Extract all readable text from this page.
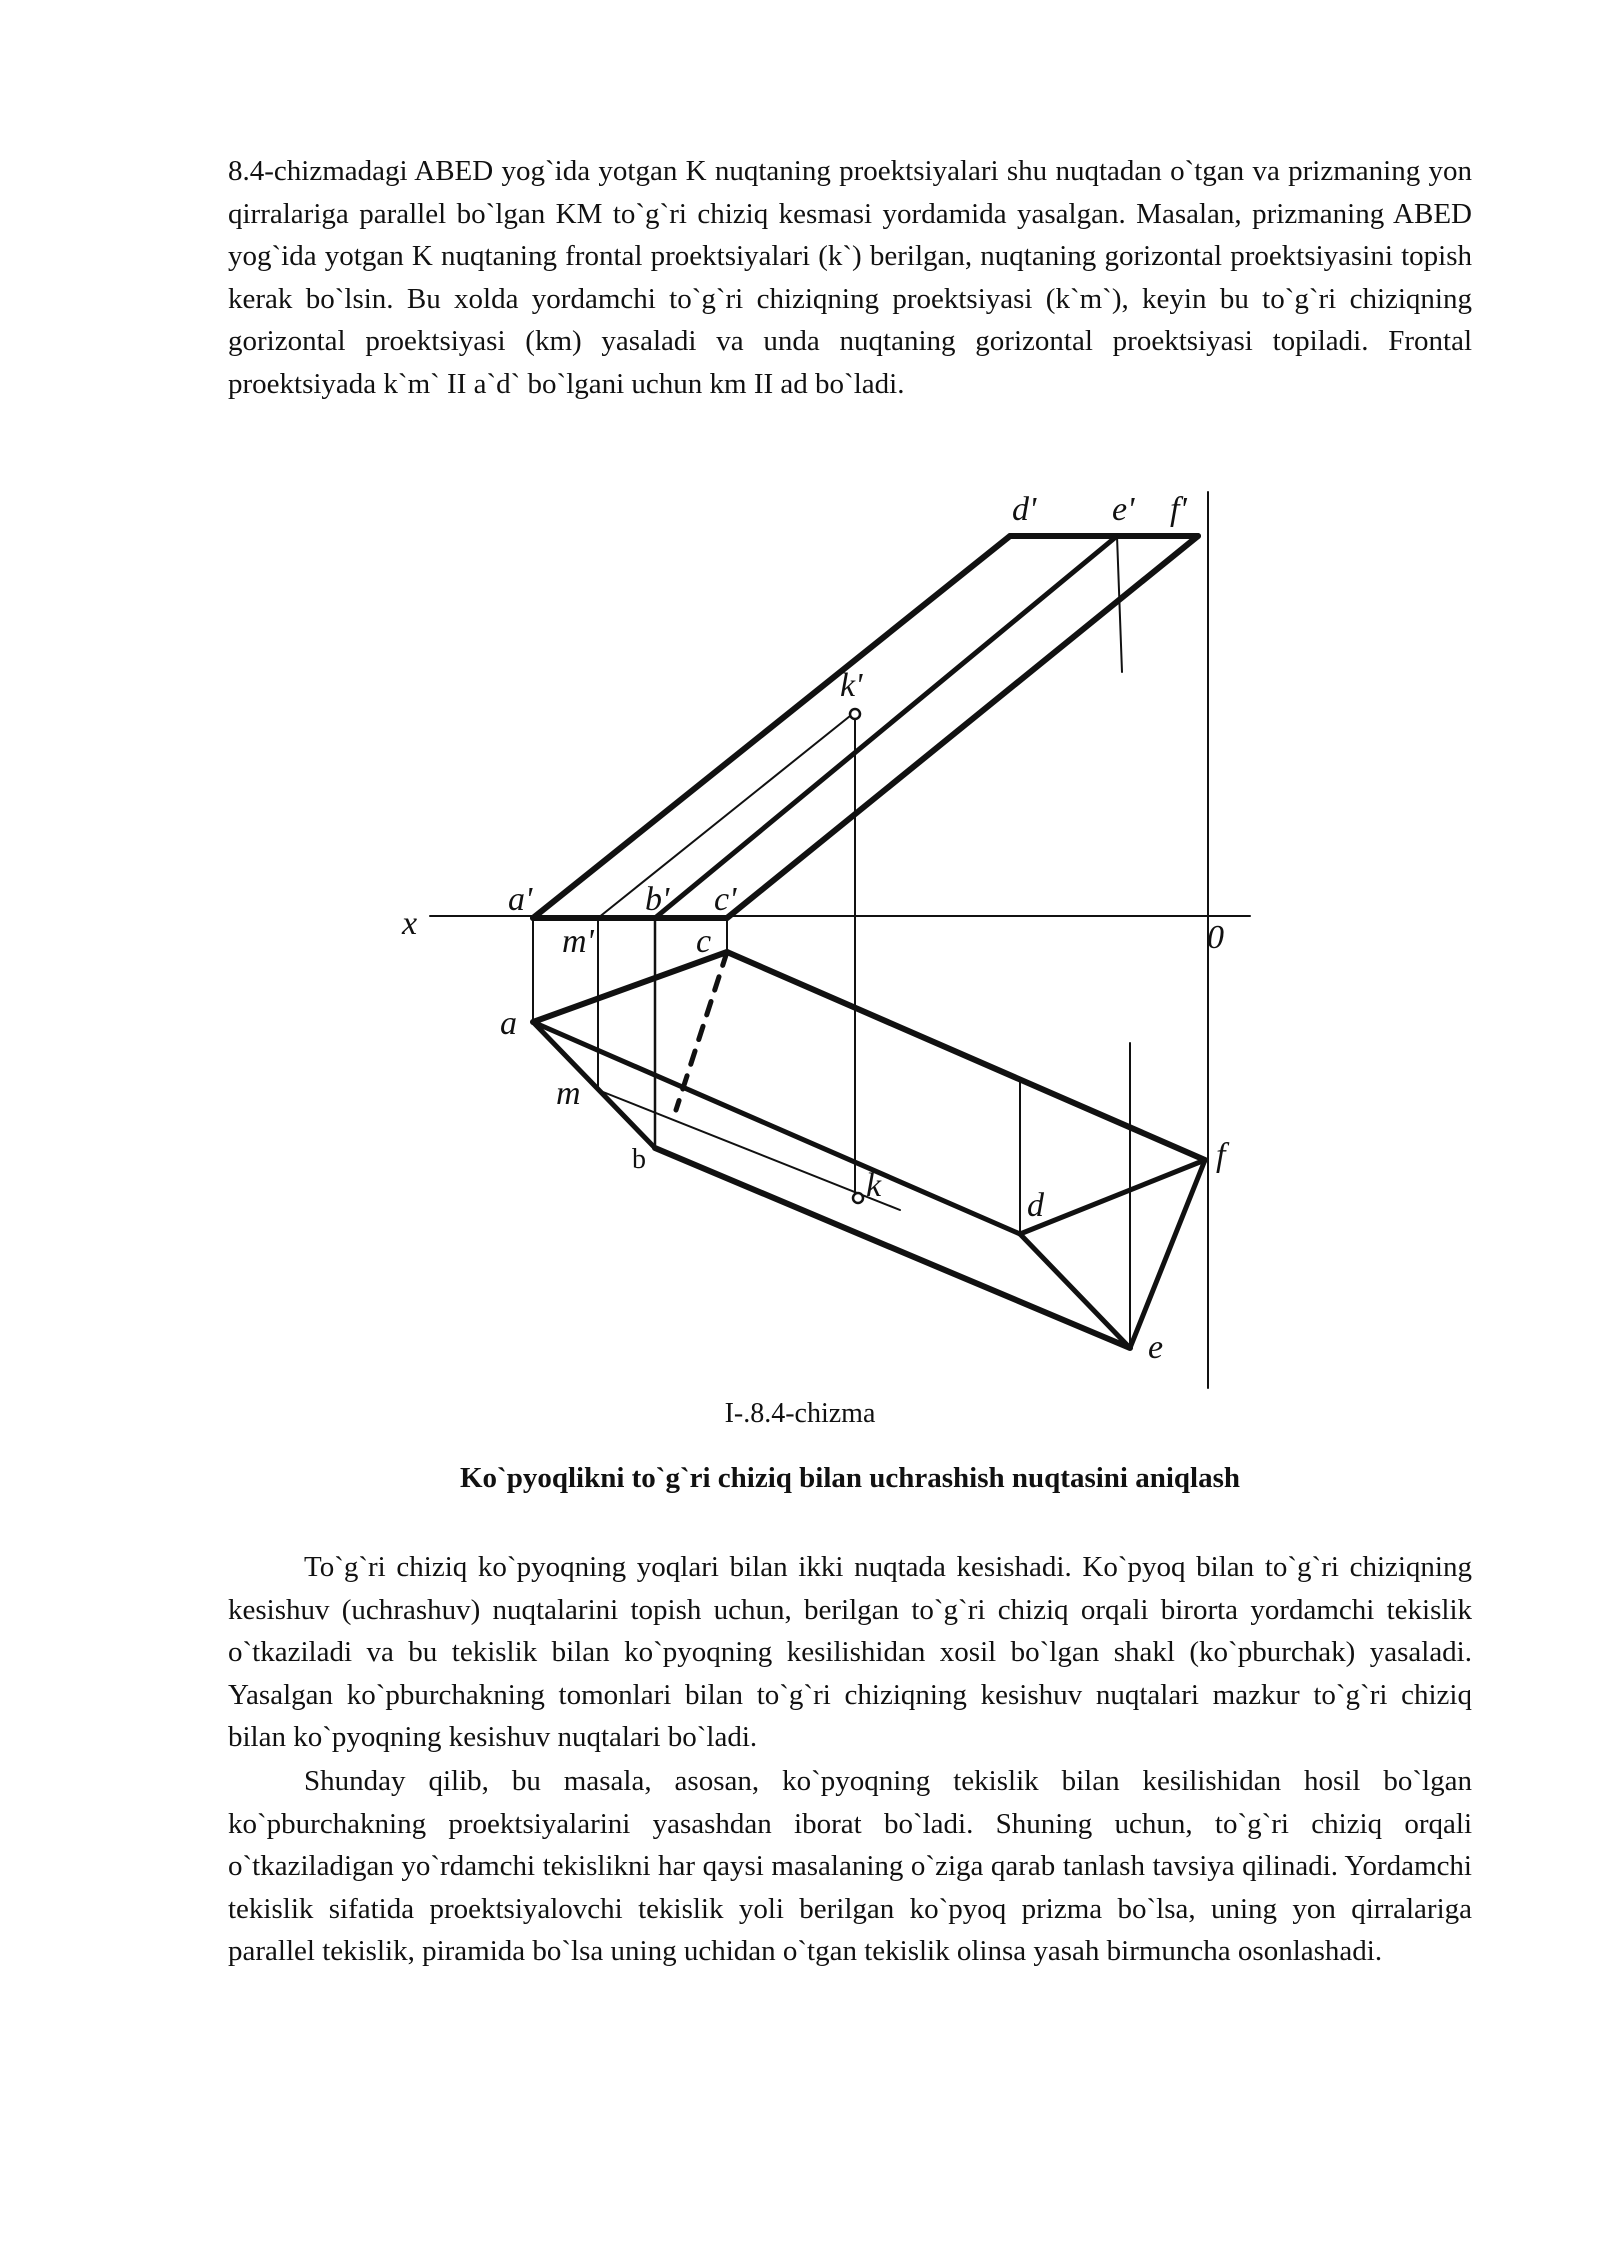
8.4-chizmadagi ABED yog`ida yotgan K nuqtaning proektsiyalari shu nuqtadan o`tgan va prizmaning yon qirralariga parallel bo`lgan KM to`g`ri chiziq kesmasi yordamida yasalgan. Masalan, prizmaning ABED yog`ida yotgan K nuqtaning frontal proektsiyalari (k`) berilgan, nuqtaning gorizontal proektsiyasini topish kerak bo`lsin. Bu xolda yordamchi to`g`ri chiziqning proektsiyasi (k`m`), keyin bu to`g`ri chiziqning gorizontal proektsiyasi (km) yasaladi va unda nuqtaning gorizontal proektsiyasi topiladi. Frontal proektsiyada k`m` II a`d` bo`lgani uchun km II ad bo`ladi.

d' e' f'
k'
a'	b' c'
m'
x	0
c
a
m
b
k
d
f
e
I-.8.4-chizma
Ko`pyoqlikni to`g`ri chiziq bilan uchrashish nuqtasini aniqlash

To`g`ri chiziq ko`pyoqning yoqlari bilan ikki nuqtada kesishadi. Ko`pyoq bilan to`g`ri chiziqning kesishuv (uchrashuv) nuqtalarini topish uchun, berilgan to`g`ri chiziq orqali birorta yordamchi tekislik o`tkaziladi va bu tekislik bilan ko`pyoqning kesilishidan xosil bo`lgan shakl (ko`pburchak) yasaladi. Yasalgan ko`pburchakning tomonlari bilan to`g`ri chiziqning kesishuv nuqtalari mazkur to`g`ri chiziq bilan ko`pyoqning kesishuv nuqtalari bo`ladi.

Shunday qilib, bu masala, asosan, ko`pyoqning tekislik bilan kesilishidan hosil bo`lgan ko`pburchakning proektsiyalarini yasashdan iborat bo`ladi. Shuning uchun, to`g`ri chiziq orqali o`tkaziladigan yo`rdamchi tekislikni har qaysi masalaning o`ziga qarab tanlash tavsiya qilinadi. Yordamchi tekislik sifatida proektsiyalovchi tekislik yoli berilgan ko`pyoq prizma bo`lsa, uning yon qirralariga parallel tekislik, piramida bo`lsa uning uchidan o`tgan tekislik olinsa yasah birmuncha osonlashadi.
